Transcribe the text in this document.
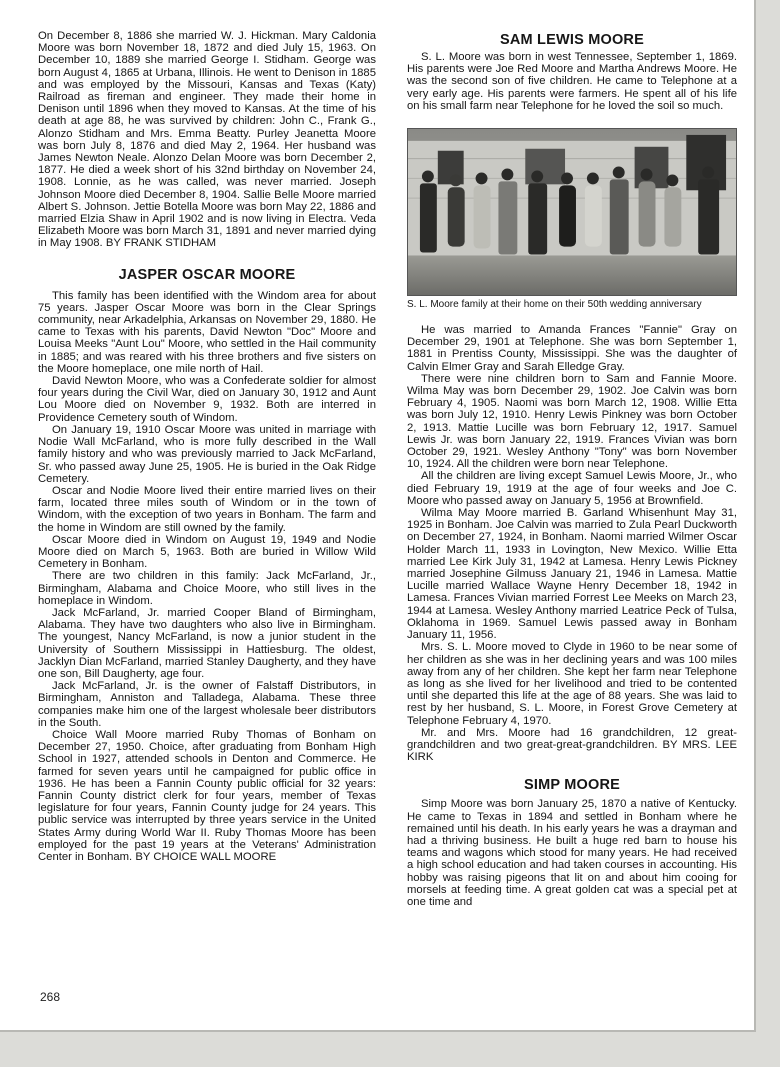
On December 8, 1886 she married W. J. Hickman. Mary Caldonia Moore was born November 18, 1872 and died July 15, 1963. On December 10, 1889 she married George I. Stidham. George was born August 4, 1865 at Urbana, Illinois. He went to Denison in 1885 and was employed by the Missouri, Kansas and Texas (Katy) Railroad as fireman and engineer. They made their home in Denison until 1896 when they moved to Kansas. At the time of his death at age 88, he was survived by children: John C., Frank G., Alonzo Stidham and Mrs. Emma Beatty. Purley Jeanetta Moore was born July 8, 1876 and died May 2, 1964. Her husband was James Newton Neale. Alonzo Delan Moore was born December 2, 1877. He died a week short of his 32nd birthday on November 24, 1908. Lonnie, as he was called, was never married. Joseph Johnson Moore died December 8, 1904. Sallie Belle Moore married Albert S. Johnson. Jettie Botella Moore was born May 22, 1886 and married Elzia Shaw in April 1902 and is now living in Electra. Veda Elizabeth Moore was born March 31, 1891 and never married dying in May 1908. BY FRANK STIDHAM

JASPER OSCAR MOORE

This family has been identified with the Windom area for about 75 years. Jasper Oscar Moore was born in the Clear Springs community, near Arkadelphia, Arkansas on November 29, 1880. He came to Texas with his parents, David Newton "Doc" Moore and Louisa Meeks "Aunt Lou" Moore, who settled in the Hail community in 1885; and was reared with his three brothers and five sisters on the Moore homeplace, one mile north of Hail.

David Newton Moore, who was a Confederate soldier for almost four years during the Civil War, died on January 30, 1912 and Aunt Lou Moore died on November 9, 1932. Both are interred in Providence Cemetery south of Windom.

On January 19, 1910 Oscar Moore was united in marriage with Nodie Wall McFarland, who is more fully described in the Wall family history and who was previously married to Jack McFarland, Sr. who passed away June 25, 1905. He is buried in the Oak Ridge Cemetery.

Oscar and Nodie Moore lived their entire married lives on their farm, located three miles south of Windom or in the town of Windom, with the exception of two years in Bonham. The farm and the home in Windom are still owned by the family.

Oscar Moore died in Windom on August 19, 1949 and Nodie Moore died on March 5, 1963. Both are buried in Willow Wild Cemetery in Bonham.

There are two children in this family: Jack McFarland, Jr., Birmingham, Alabama and Choice Moore, who still lives in the homeplace in Windom.

Jack McFarland, Jr. married Cooper Bland of Birmingham, Alabama. They have two daughters who also live in Birmingham. The youngest, Nancy McFarland, is now a junior student in the University of Southern Mississippi in Hattiesburg. The oldest, Jacklyn Dian McFarland, married Stanley Daugherty, and they have one son, Bill Daugherty, age four.

Jack McFarland, Jr. is the owner of Falstaff Distributors, in Birmingham, Anniston and Talladega, Alabama. These three companies make him one of the largest wholesale beer distributors in the South.

Choice Wall Moore married Ruby Thomas of Bonham on December 27, 1950. Choice, after graduating from Bonham High School in 1927, attended schools in Denton and Commerce. He farmed for seven years until he campaigned for public office in 1936. He has been a Fannin County public official for 32 years: Fannin County district clerk for four years, member of Texas legislature for four years, Fannin County judge for 24 years. This public service was interrupted by three years service in the United States Army during World War II. Ruby Thomas Moore has been employed for the past 19 years at the Veterans' Administration Center in Bonham. BY CHOICE WALL MOORE

SAM LEWIS MOORE

S. L. Moore was born in west Tennessee, September 1, 1869. His parents were Joe Red Moore and Martha Andrews Moore. He was the second son of five children. He came to Telephone at a very early age. His parents were farmers. He spent all of his life on his small farm near Telephone for he loved the soil so much.

S. L. Moore family at their home on their 50th wedding anniversary

He was married to Amanda Frances "Fannie" Gray on December 29, 1901 at Telephone. She was born September 1, 1881 in Prentiss County, Mississippi. She was the daughter of Calvin Elmer Gray and Sarah Elledge Gray.

There were nine children born to Sam and Fannie Moore. Wilma May was born December 29, 1902. Joe Calvin was born February 4, 1905. Naomi was born March 12, 1908. Willie Etta was born July 12, 1910. Henry Lewis Pinkney was born October 2, 1913. Mattie Lucille was born February 12, 1917. Samuel Lewis Jr. was born January 22, 1919. Frances Vivian was born October 29, 1921. Wesley Anthony "Tony" was born November 10, 1924. All the children were born near Telephone.

All the children are living except Samuel Lewis Moore, Jr., who died February 19, 1919 at the age of four weeks and Joe C. Moore who passed away on January 5, 1956 at Brownfield.

Wilma May Moore married B. Garland Whisenhunt May 31, 1925 in Bonham. Joe Calvin was married to Zula Pearl Duckworth on December 27, 1924, in Bonham. Naomi married Wilmer Oscar Holder March 11, 1933 in Lovington, New Mexico. Willie Etta married Lee Kirk July 31, 1942 at Lamesa. Henry Lewis Pickney married Josephine Gilmuss January 21, 1946 in Lamesa. Mattie Lucille married Wallace Wayne Henry December 18, 1942 in Lamesa. Frances Vivian married Forrest Lee Meeks on March 23, 1944 at Lamesa. Wesley Anthony married Leatrice Peck of Tulsa, Oklahoma in 1969. Samuel Lewis passed away in Bonham January 11, 1956.

Mrs. S. L. Moore moved to Clyde in 1960 to be near some of her children as she was in her declining years and was 100 miles away from any of her children. She kept her farm near Telephone as long as she lived for her livelihood and tried to be contented until she departed this life at the age of 88 years. She was laid to rest by her husband, S. L. Moore, in Forest Grove Cemetery at Telephone February 4, 1970.

Mr. and Mrs. Moore had 16 grandchildren, 12 great-grandchildren and two great-great-grandchildren. BY MRS. LEE KIRK

SIMP MOORE

Simp Moore was born January 25, 1870 a native of Kentucky. He came to Texas in 1894 and settled in Bonham where he remained until his death. In his early years he was a drayman and had a thriving business. He built a huge red barn to house his teams and wagons which stood for many years. He had received a high school education and had taken courses in accounting. His hobby was raising pigeons that lit on and about him cooing for morsels at feeding time. A great golden cat was a special pet at one time and

268
